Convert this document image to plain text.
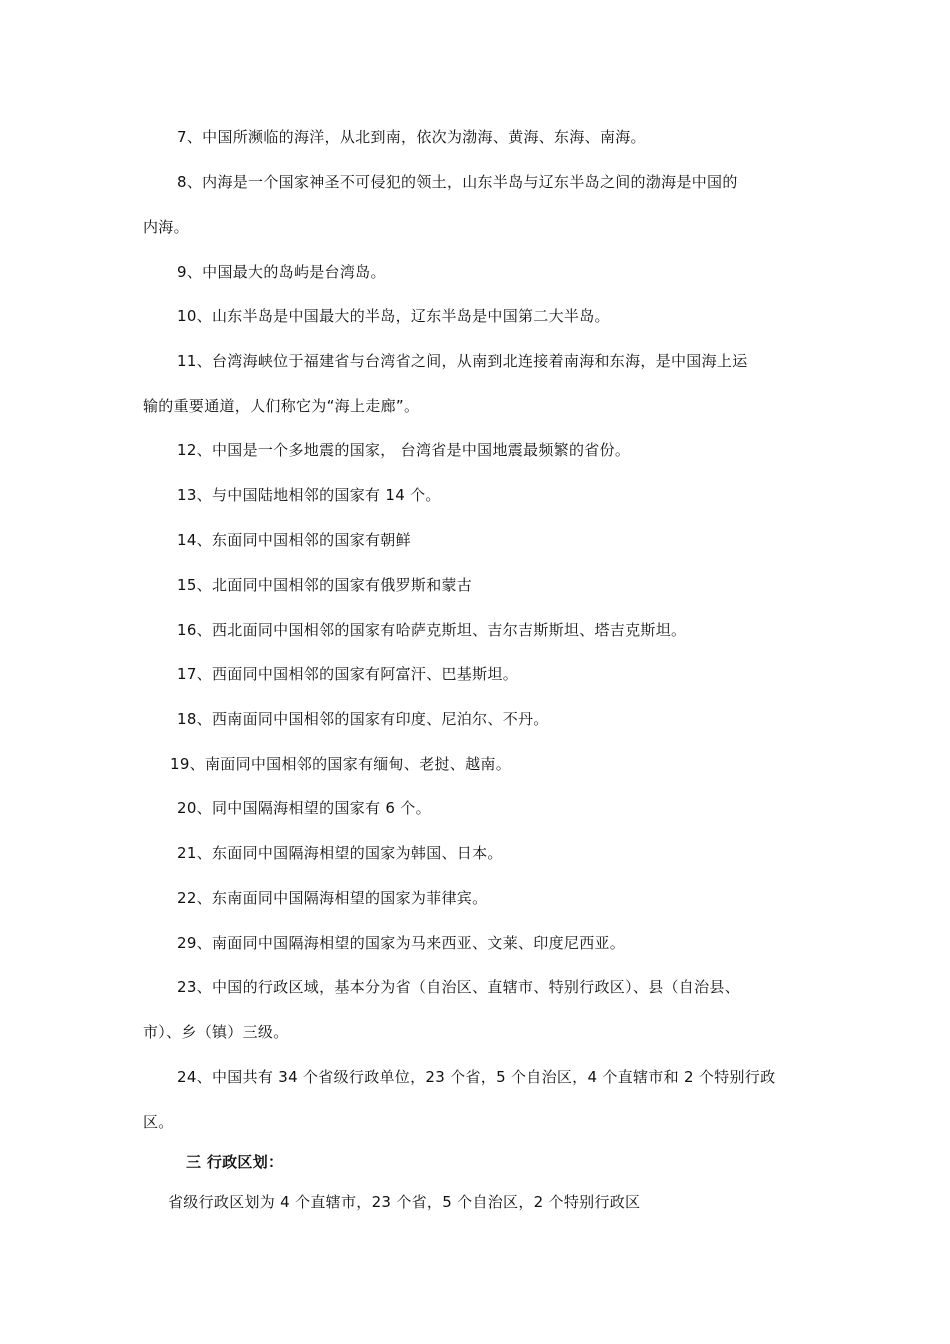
7、中国所濒临的海洋，从北到南，依次为渤海、黄海、东海、南海。
8、内海是一个国家神圣不可侵犯的领土，山东半岛与辽东半岛之间的渤海是中国的
内海。
9、中国最大的岛屿是台湾岛。
10、山东半岛是中国最大的半岛，辽东半岛是中国第二大半岛。
11、台湾海峡位于福建省与台湾省之间，从南到北连接着南海和东海，是中国海上运
输的重要通道，人们称它为“海上走廊”。
12、中国是一个多地震的国家， 台湾省是中国地震最频繁的省份。
13、与中国陆地相邻的国家有 14 个。
14、东面同中国相邻的国家有朝鲜
15、北面同中国相邻的国家有俄罗斯和蒙古
16、西北面同中国相邻的国家有哈萨克斯坦、吉尔吉斯斯坦、塔吉克斯坦。
17、西面同中国相邻的国家有阿富汗、巴基斯坦。
18、西南面同中国相邻的国家有印度、尼泊尔、不丹。
19、南面同中国相邻的国家有缅甸、老挝、越南。
20、同中国隔海相望的国家有 6 个。
21、东面同中国隔海相望的国家为韩国、日本。
22、东南面同中国隔海相望的国家为菲律宾。
29、南面同中国隔海相望的国家为马来西亚、文莱、印度尼西亚。
23、中国的行政区域，基本分为省（自治区、直辖市、特别行政区）、县（自治县、
市）、乡（镇）三级。
24、中国共有 34 个省级行政单位，23 个省，5 个自治区，4 个直辖市和 2 个特别行政
区。
三 行政区划：
省级行政区划为 4 个直辖市，23 个省，5 个自治区，2 个特别行政区
